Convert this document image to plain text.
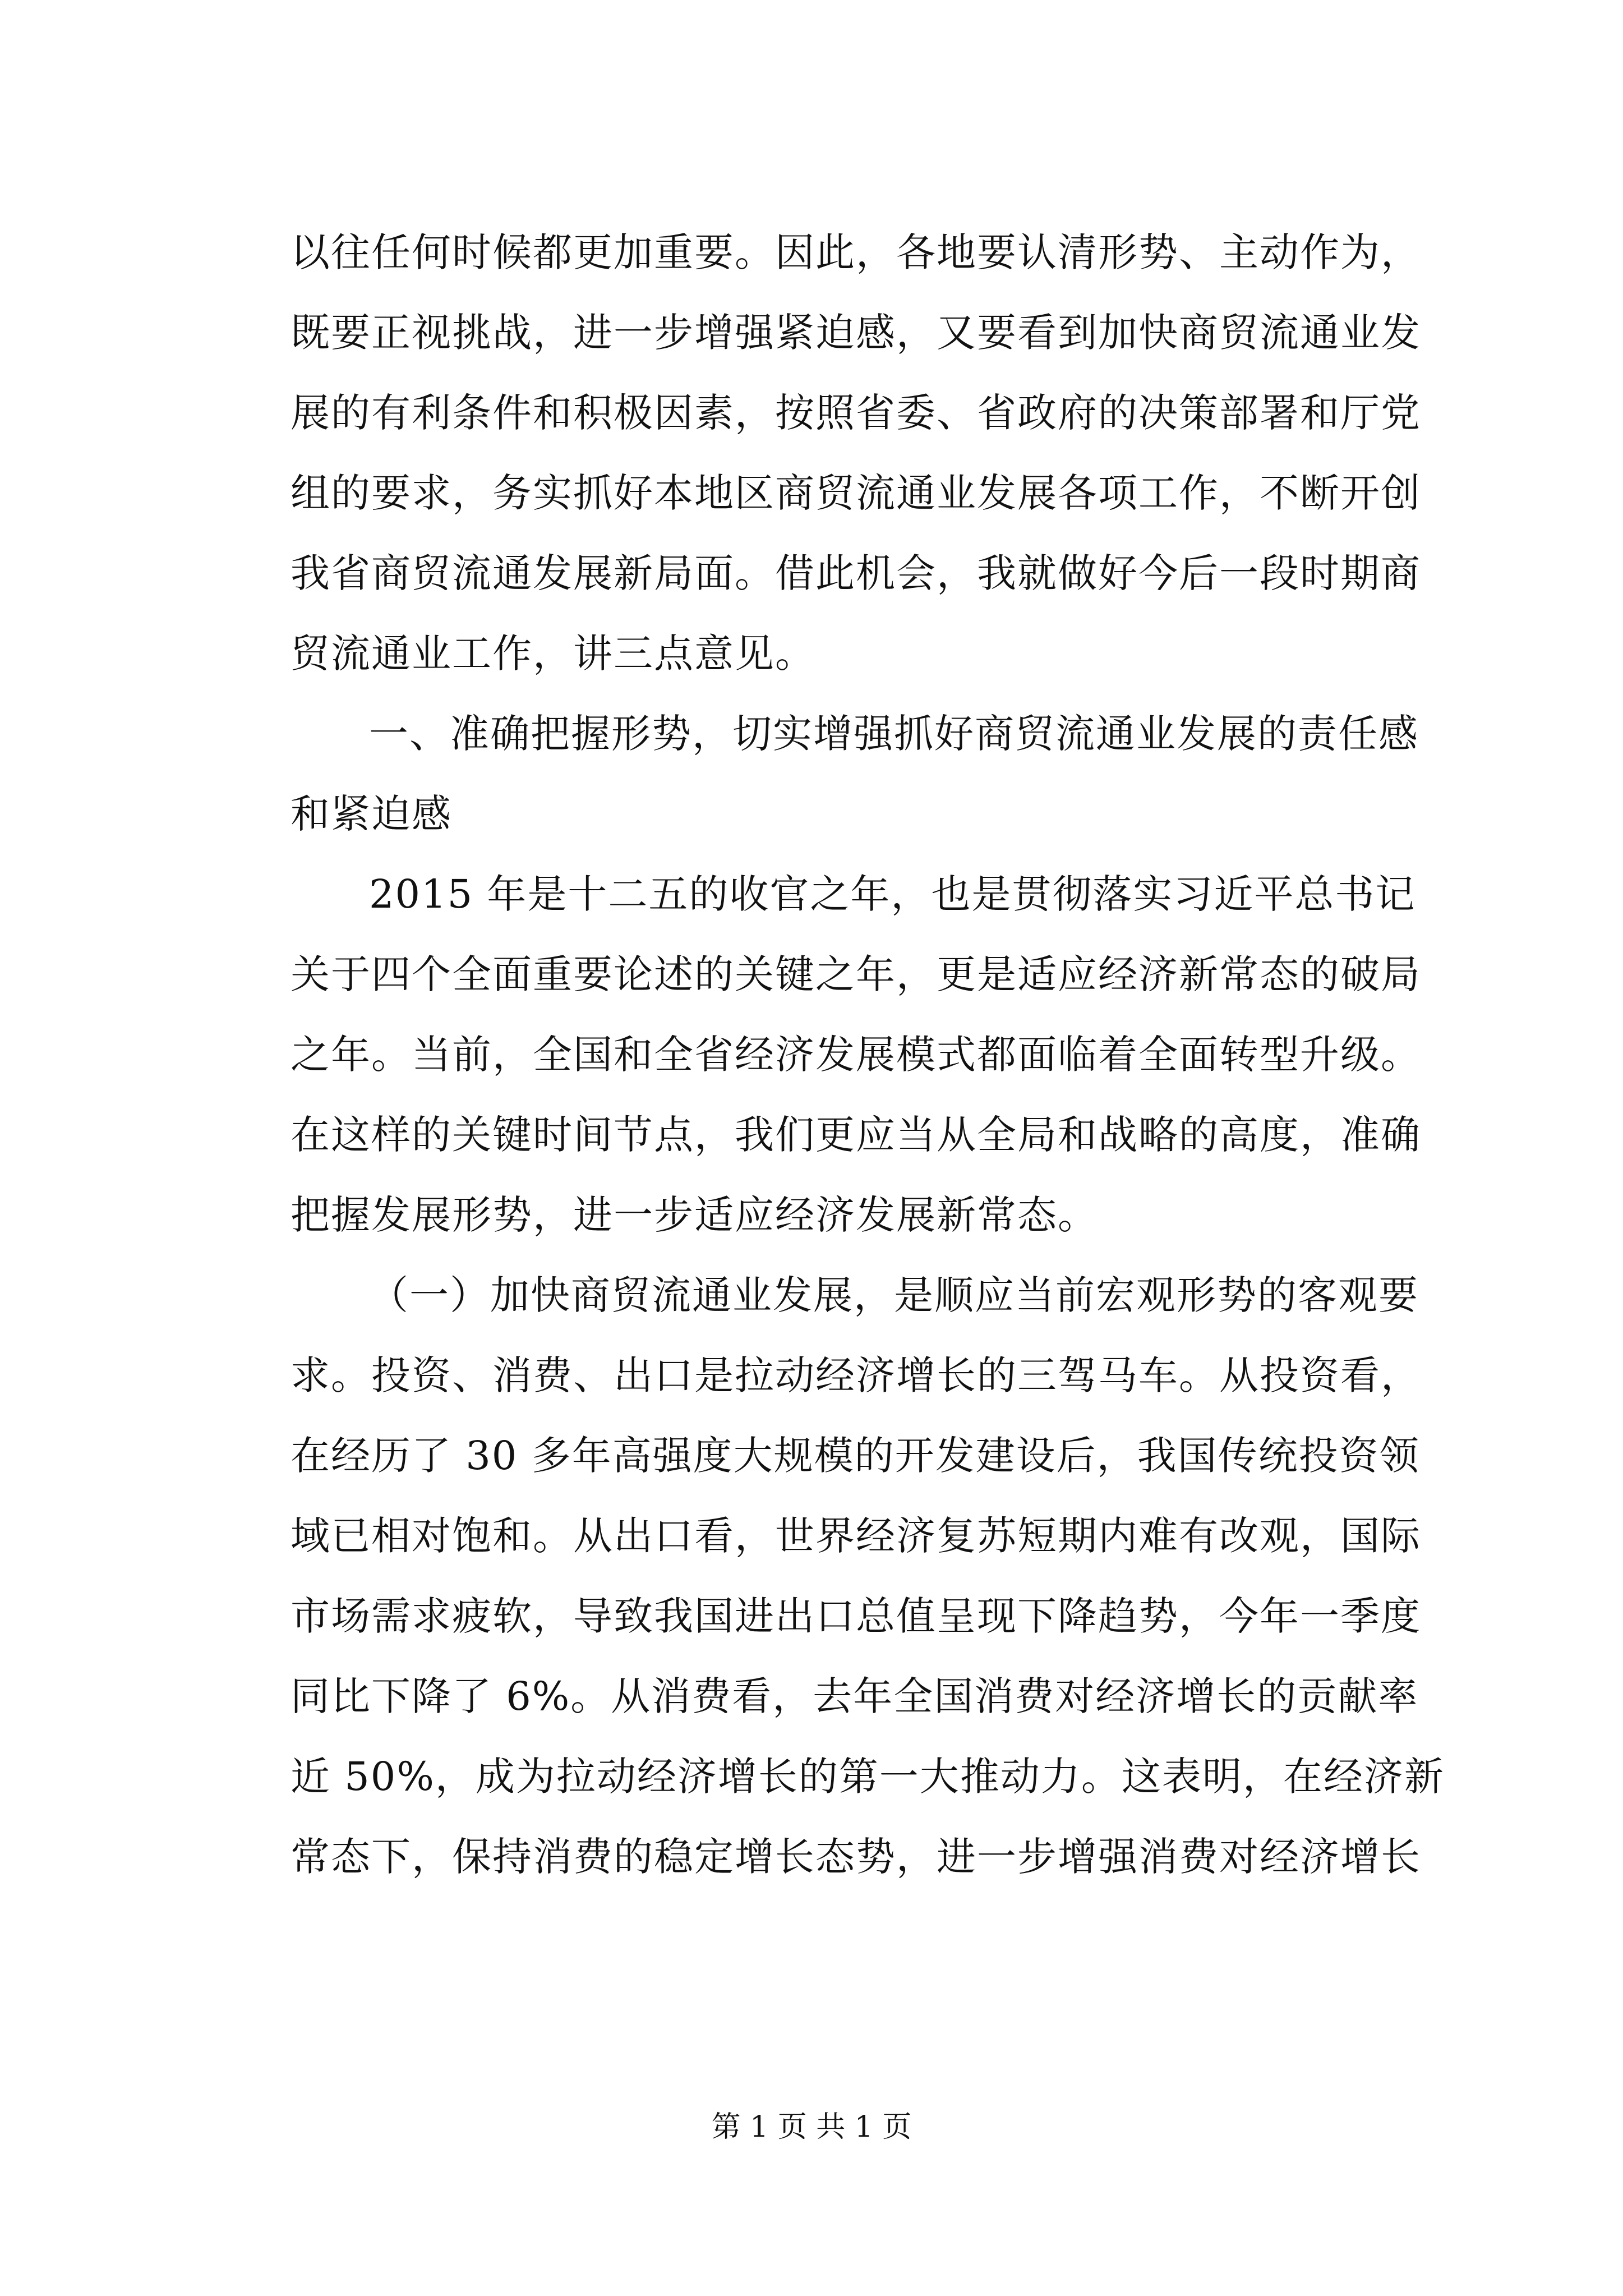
以往任何时候都更加重要。因此，各地要认清形势、主动作为，
既要正视挑战，进一步增强紧迫感，又要看到加快商贸流通业发
展的有利条件和积极因素，按照省委、省政府的决策部署和厅党
组的要求，务实抓好本地区商贸流通业发展各项工作，不断开创
我省商贸流通发展新局面。借此机会，我就做好今后一段时期商
贸流通业工作，讲三点意见。
一、准确把握形势，切实增强抓好商贸流通业发展的责任感
和紧迫感
2015 年是十二五的收官之年，也是贯彻落实习近平总书记
关于四个全面重要论述的关键之年，更是适应经济新常态的破局
之年。当前，全国和全省经济发展模式都面临着全面转型升级。
在这样的关键时间节点，我们更应当从全局和战略的高度，准确
把握发展形势，进一步适应经济发展新常态。
（一）加快商贸流通业发展，是顺应当前宏观形势的客观要
求。投资、消费、出口是拉动经济增长的三驾马车。从投资看，
在经历了 30 多年高强度大规模的开发建设后，我国传统投资领
域已相对饱和。从出口看，世界经济复苏短期内难有改观，国际
市场需求疲软，导致我国进出口总值呈现下降趋势，今年一季度
同比下降了 6%。从消费看，去年全国消费对经济增长的贡献率
近 50%，成为拉动经济增长的第一大推动力。这表明，在经济新
常态下，保持消费的稳定增长态势，进一步增强消费对经济增长
第 1 页 共 1 页
